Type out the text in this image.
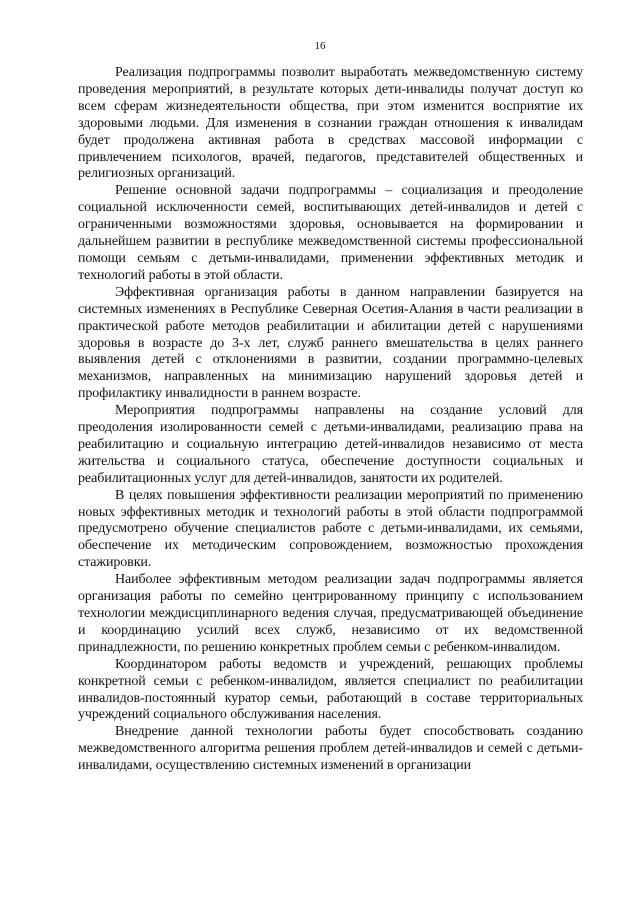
16

Реализация подпрограммы позволит выработать межведомственную систему проведения мероприятий, в результате которых дети-инвалиды получат доступ ко всем сферам жизнедеятельности общества, при этом изменится восприятие их здоровыми людьми. Для изменения в сознании граждан отношения к инвалидам будет продолжена активная работа в средствах массовой информации с привлечением психологов, врачей, педагогов, представителей общественных и религиозных организаций.

Решение основной задачи подпрограммы – социализация и преодоление социальной исключенности семей, воспитывающих детей-инвалидов и детей с ограниченными возможностями здоровья, основывается на формировании и дальнейшем развитии в республике межведомственной системы профессиональной помощи семьям с детьми-инвалидами, применении эффективных методик и технологий работы в этой области.

Эффективная организация работы в данном направлении базируется на системных изменениях в Республике Северная Осетия-Алания в части реализации в практической работе методов реабилитации и абилитации детей с нарушениями здоровья в возрасте до 3-х лет, служб раннего вмешательства в целях раннего выявления детей с отклонениями в развитии, создании программно-целевых механизмов, направленных на минимизацию нарушений здоровья детей и профилактику инвалидности в раннем возрасте.

Мероприятия подпрограммы направлены на создание условий для преодоления изолированности семей с детьми-инвалидами, реализацию права на реабилитацию и социальную интеграцию детей-инвалидов независимо от места жительства и социального статуса, обеспечение доступности социальных и реабилитационных услуг для детей-инвалидов, занятости их родителей.

В целях повышения эффективности реализации мероприятий по применению новых эффективных методик и технологий работы в этой области подпрограммой предусмотрено обучение специалистов работе с детьми-инвалидами, их семьями, обеспечение их методическим сопровождением, возможностью прохождения стажировки.

Наиболее эффективным методом реализации задач подпрограммы является организация работы по семейно центрированному принципу с использованием технологии междисциплинарного ведения случая, предусматривающей объединение и координацию усилий всех служб, независимо от их ведомственной принадлежности, по решению конкретных проблем семьи с ребенком-инвалидом.

Координатором работы ведомств и учреждений, решающих проблемы конкретной семьи с ребенком-инвалидом, является специалист по реабилитации инвалидов-постоянный куратор семьи, работающий в составе территориальных учреждений социального обслуживания населения.

Внедрение данной технологии работы будет способствовать созданию межведомственного алгоритма решения проблем детей-инвалидов и семей с детьми-инвалидами, осуществлению системных изменений в организации
